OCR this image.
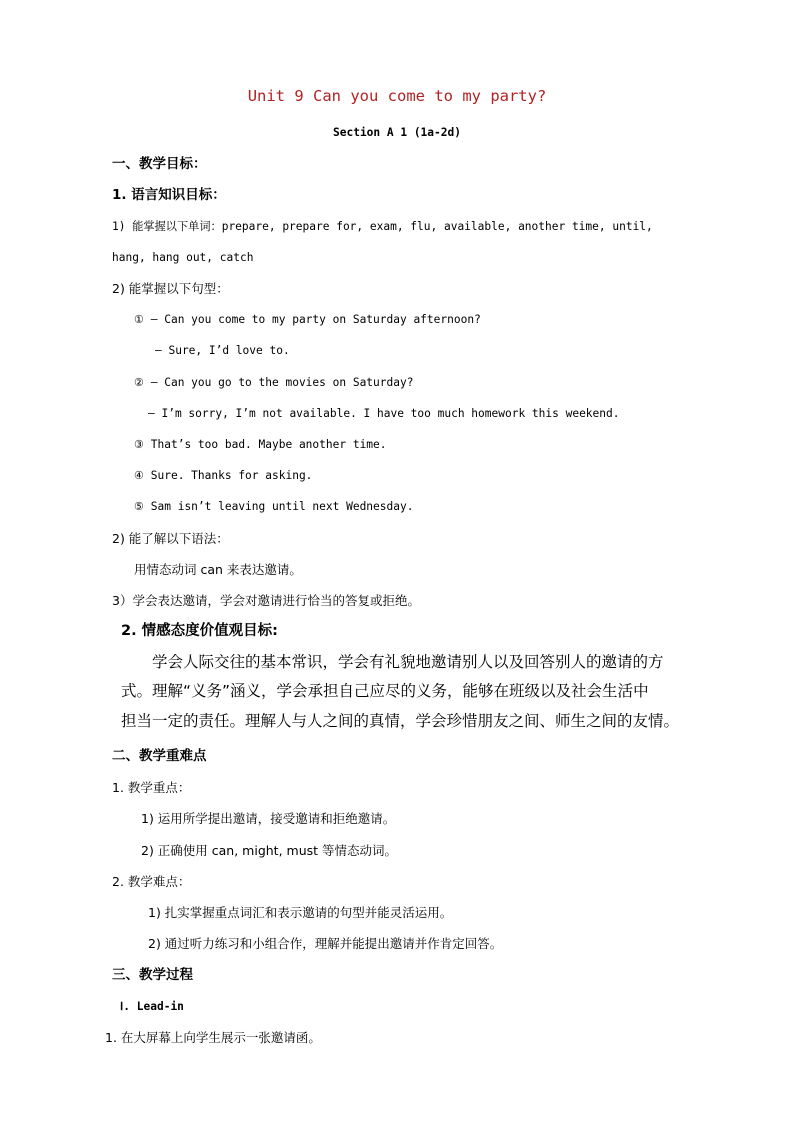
Unit 9 Can you come to my party?
Section A 1 (1a-2d)
一、教学目标：
1. 语言知识目标：
1) 能掌握以下单词：prepare, prepare for, exam, flu, available, another time, until,
hang, hang out, catch
2) 能掌握以下句型：
① — Can you come to my party on Saturday afternoon?
— Sure, I’d love to.
② — Can you go to the movies on Saturday?
— I’m sorry, I’m not available. I have too much homework this weekend.
③ That’s too bad. Maybe another time.
④ Sure. Thanks for asking.
⑤ Sam isn’t leaving until next Wednesday.
2) 能了解以下语法：
用情态动词 can 来表达邀请。
3）学会表达邀请，学会对邀请进行恰当的答复或拒绝。
2. 情感态度价值观目标:
学会人际交往的基本常识，学会有礼貌地邀请别人以及回答别人的邀请的方
式。理解“义务”涵义，学会承担自己应尽的义务，能够在班级以及社会生活中
担当一定的责任。理解人与人之间的真情，学会珍惜朋友之间、师生之间的友情。
二、教学重难点
1. 教学重点：
1) 运用所学提出邀请，接受邀请和拒绝邀请。
2) 正确使用 can, might, must 等情态动词。
2. 教学难点：
1) 扎实掌握重点词汇和表示邀请的句型并能灵活运用。
2) 通过听力练习和小组合作，理解并能提出邀请并作肯定回答。
三、教学过程
Ⅰ. Lead-in
1. 在大屏幕上向学生展示一张邀请函。
